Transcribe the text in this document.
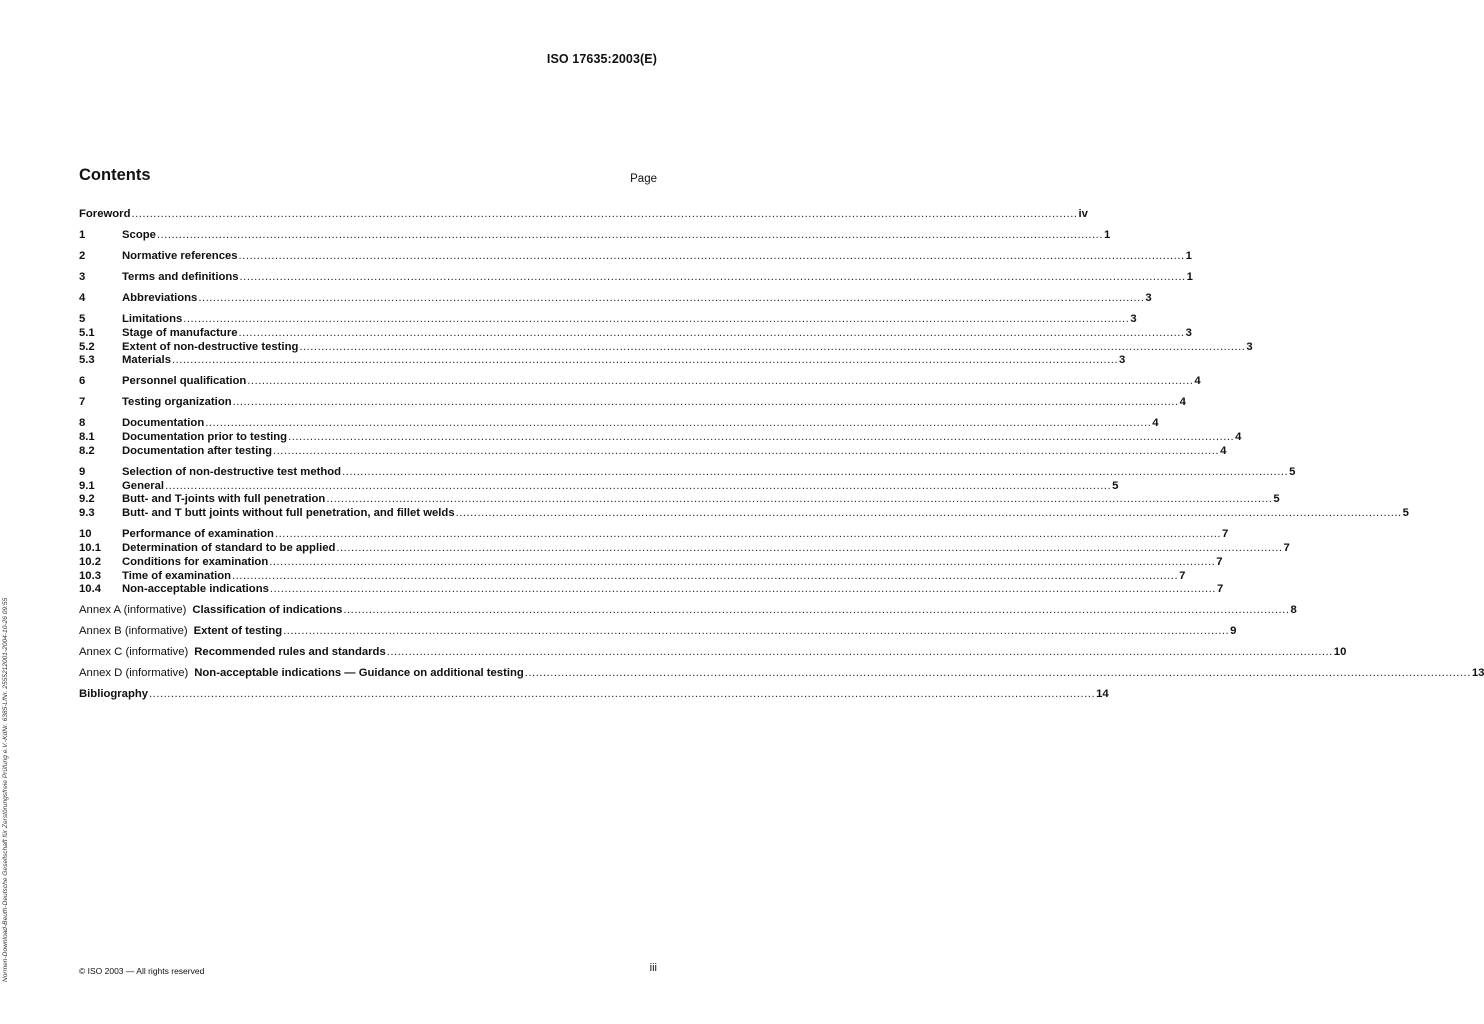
ISO 17635:2003(E)
Normen-Download-Beuth-Deutsche Gesellschaft für Zerstörungsfreie Prüfung e.V.-KdNr. 6385-LfNr. 2555212001-2004-10-26 09:55
Contents	Page
Foreword .................................................................................................................................................................................................................................................................... iv
1	Scope .................................................................................................................................................................................................................................................................... 1
2	Normative references .................................................................................................................................................................................................................................................................... 1
3	Terms and definitions .................................................................................................................................................................................................................................................................... 1
4	Abbreviations .................................................................................................................................................................................................................................................................... 3
5	Limitations .................................................................................................................................................................................................................................................................... 3
5.1	Stage of manufacture .................................................................................................................................................................................................................................................................... 3
5.2	Extent of non-destructive testing .................................................................................................................................................................................................................................................................... 3
5.3	Materials .................................................................................................................................................................................................................................................................... 3
6	Personnel qualification .................................................................................................................................................................................................................................................................... 4
7	Testing organization .................................................................................................................................................................................................................................................................... 4
8	Documentation .................................................................................................................................................................................................................................................................... 4
8.1	Documentation prior to testing .................................................................................................................................................................................................................................................................... 4
8.2	Documentation after testing .................................................................................................................................................................................................................................................................... 4
9	Selection of non-destructive test method .................................................................................................................................................................................................................................................................... 5
9.1	General .................................................................................................................................................................................................................................................................... 5
9.2	Butt- and T-joints with full penetration .................................................................................................................................................................................................................................................................... 5
9.3	Butt- and T butt joints without full penetration, and fillet welds .................................................................................................................................................................................................................................................................... 5
10	Performance of examination .................................................................................................................................................................................................................................................................... 7
10.1	Determination of standard to be applied .................................................................................................................................................................................................................................................................... 7
10.2	Conditions for examination .................................................................................................................................................................................................................................................................... 7
10.3	Time of examination .................................................................................................................................................................................................................................................................... 7
10.4	Non-acceptable indications .................................................................................................................................................................................................................................................................... 7
Annex A (informative) Classification of indications .................................................................................................................................................................................................................................................................... 8
Annex B (informative) Extent of testing .................................................................................................................................................................................................................................................................... 9
Annex C (informative) Recommended rules and standards .................................................................................................................................................................................................................................................................... 10
Annex D (informative) Non-acceptable indications — Guidance on additional testing .................................................................................................................................................................................................................................................................... 13
Bibliography .................................................................................................................................................................................................................................................................... 14
© ISO 2003 — All rights reserved	iii
